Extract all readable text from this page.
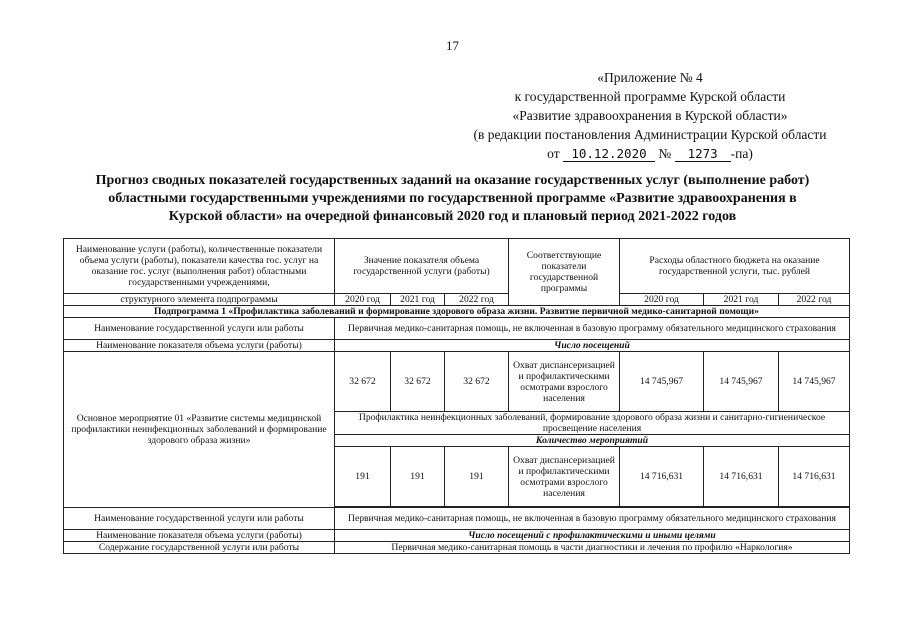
17
«Приложение № 4
к государственной программе Курской области
«Развитие здравоохранения в Курской области»
(в редакции постановления Администрации Курской области
от 10.12.2020 № 1273 -па)
Прогноз сводных показателей государственных заданий на оказание государственных услуг (выполнение работ)
областными государственными учреждениями по государственной программе «Развитие здравоохранения в
Курской области» на очередной финансовый 2020 год и плановый период 2021-2022 годов
Наименование услуги (работы), количественные показатели объема услуги (работы), показатели качества гос. услуг на оказание гос. услуг (выполнения работ) областными государственными учреждениями,	Значение показателя объема государственной услуги (работы)			Соответствующие показатели государственной программы	Расходы областного бюджета на оказание государственной услуги, тыс. рублей		
структурного элемента подпрограммы	2020 год	2021 год	2022 год		2020 год	2021 год	2022 год
Подпрограмма 1 «Профилактика заболеваний и формирование здорового образа жизни. Развитие первичной медико-санитарной помощи»							
Наименование государственной услуги или работы	Первичная медико-санитарная помощь, не включенная в базовую программу обязательного медицинского страхования						
Наименование показателя объема услуги (работы)	Число посещений						
Основное мероприятие 01 «Развитие системы медицинской профилактики неинфекционных заболеваний и формирование здорового образа жизни»	32 672	32 672	32 672	Охват диспансеризацией и профилактическими осмотрами взрослого населения	14 745,967	14 745,967	14 745,967
	Профилактика неинфекционных заболеваний, формирование здорового образа жизни и санитарно-гигиеническое просвещение населения						
	Количество мероприятий						
	191	191	191	Охват диспансеризацией и профилактическими осмотрами взрослого населения	14 716,631	14 716,631	14 716,631

Наименование государственной услуги или работы	Первичная медико-санитарная помощь, не включенная в базовую программу обязательного медицинского страхования						
Наименование показателя объема услуги (работы)	Число посещений с профилактическими и иными целями						
Содержание государственной услуги или работы	Первичная медико-санитарная помощь в части диагностики и лечения по профилю «Наркология»						
